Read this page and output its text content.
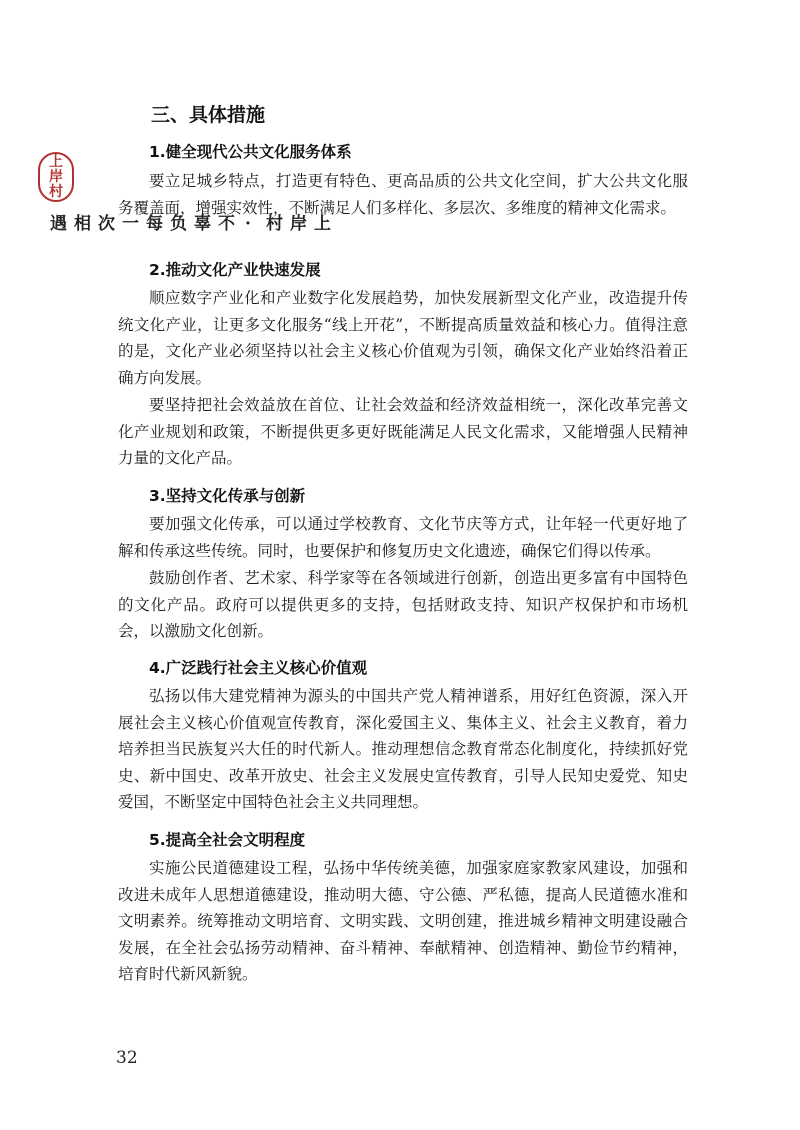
上
岸
村
上岸村·不辜负每一次相遇
三、具体措施
1.健全现代公共文化服务体系
要立足城乡特点，打造更有特色、更高品质的公共文化空间，扩大公共文化服务覆盖面，增强实效性，不断满足人们多样化、多层次、多维度的精神文化需求。
2.推动文化产业快速发展
顺应数字产业化和产业数字化发展趋势，加快发展新型文化产业，改造提升传统文化产业，让更多文化服务“线上开花”，不断提高质量效益和核心力。值得注意的是，文化产业必须坚持以社会主义核心价值观为引领，确保文化产业始终沿着正确方向发展。
要坚持把社会效益放在首位、让社会效益和经济效益相统一，深化改革完善文化产业规划和政策，不断提供更多更好既能满足人民文化需求，又能增强人民精神力量的文化产品。
3.坚持文化传承与创新
要加强文化传承，可以通过学校教育、文化节庆等方式，让年轻一代更好地了解和传承这些传统。同时，也要保护和修复历史文化遗迹，确保它们得以传承。
鼓励创作者、艺术家、科学家等在各领域进行创新，创造出更多富有中国特色的文化产品。政府可以提供更多的支持，包括财政支持、知识产权保护和市场机会，以激励文化创新。
4.广泛践行社会主义核心价值观
弘扬以伟大建党精神为源头的中国共产党人精神谱系，用好红色资源，深入开展社会主义核心价值观宣传教育，深化爱国主义、集体主义、社会主义教育，着力培养担当民族复兴大任的时代新人。推动理想信念教育常态化制度化，持续抓好党史、新中国史、改革开放史、社会主义发展史宣传教育，引导人民知史爱党、知史爱国，不断坚定中国特色社会主义共同理想。
5.提高全社会文明程度
实施公民道德建设工程，弘扬中华传统美德，加强家庭家教家风建设，加强和改进未成年人思想道德建设，推动明大德、守公德、严私德，提高人民道德水准和文明素养。统筹推动文明培育、文明实践、文明创建，推进城乡精神文明建设融合发展，在全社会弘扬劳动精神、奋斗精神、奉献精神、创造精神、勤俭节约精神，培育时代新风新貌。
32
